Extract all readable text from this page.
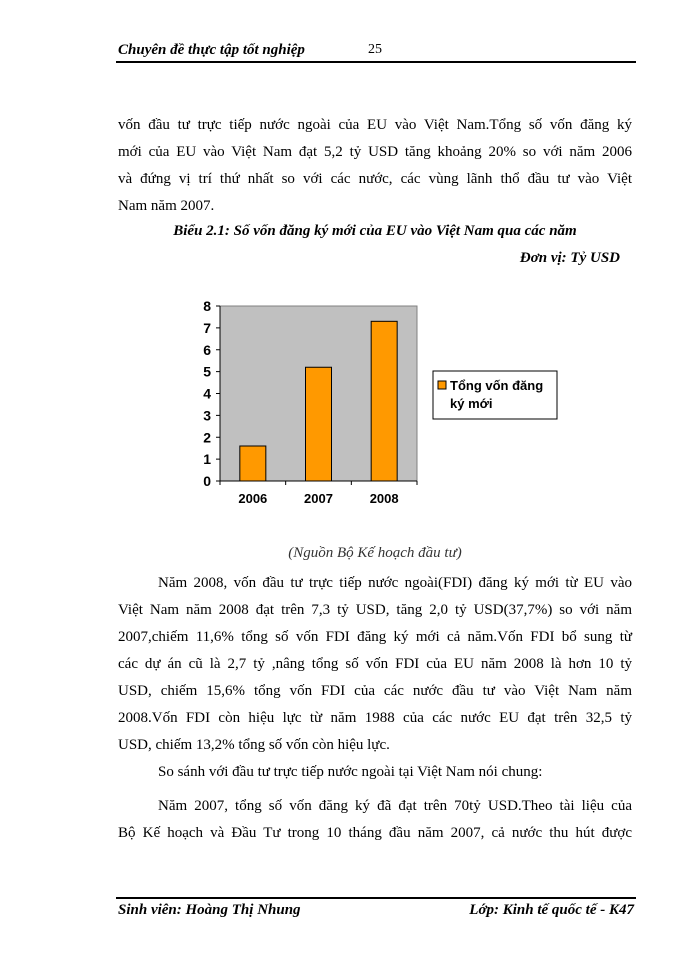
Chuyên đề thực tập tốt nghiệp	25
vốn đầu tư trực tiếp nước ngoài của EU vào Việt Nam.Tổng số vốn đăng ký
mới của EU vào Việt Nam đạt 5,2 tỷ USD tăng khoảng 20% so với năm 2006
và đứng vị trí thứ nhất so với các nước, các vùng lãnh thổ đầu tư vào Việt
Nam năm 2007.
Biểu 2.1: Số vốn đăng ký mới của EU vào Việt Nam qua các năm
Đơn vị: Tỷ USD
0
1
2
3
4
5
6
7
8
2006	2007	2008
Tổng vốn đăng
ký mới
(Nguồn Bộ Kế hoạch đầu tư)
Năm 2008, vốn đầu tư trực tiếp nước ngoài(FDI) đăng ký mới từ EU vào
Việt Nam năm 2008 đạt trên 7,3 tỷ USD, tăng 2,0 tỷ USD(37,7%) so với năm
2007,chiếm 11,6% tổng số vốn FDI đăng ký mới cả năm.Vốn FDI bổ sung từ
các dự án cũ là 2,7 tỷ ,nâng tổng số vốn FDI của EU năm 2008 là hơn 10 tỷ
USD, chiếm 15,6% tổng vốn FDI của các nước đầu tư vào Việt Nam năm
2008.Vốn FDI còn hiệu lực từ năm 1988 của các nước EU đạt trên 32,5 tỷ
USD, chiếm 13,2% tổng số vốn còn hiệu lực.
So sánh với đầu tư trực tiếp nước ngoài tại Việt Nam nói chung:
Năm 2007, tổng số vốn đăng ký đã đạt trên 70tỷ USD.Theo tài liệu của
Bộ Kế hoạch và Đầu Tư trong 10 tháng đầu năm 2007, cả nước thu hút được
Sinh viên: Hoàng Thị Nhung	Lớp: Kinh tế quốc tế - K47
